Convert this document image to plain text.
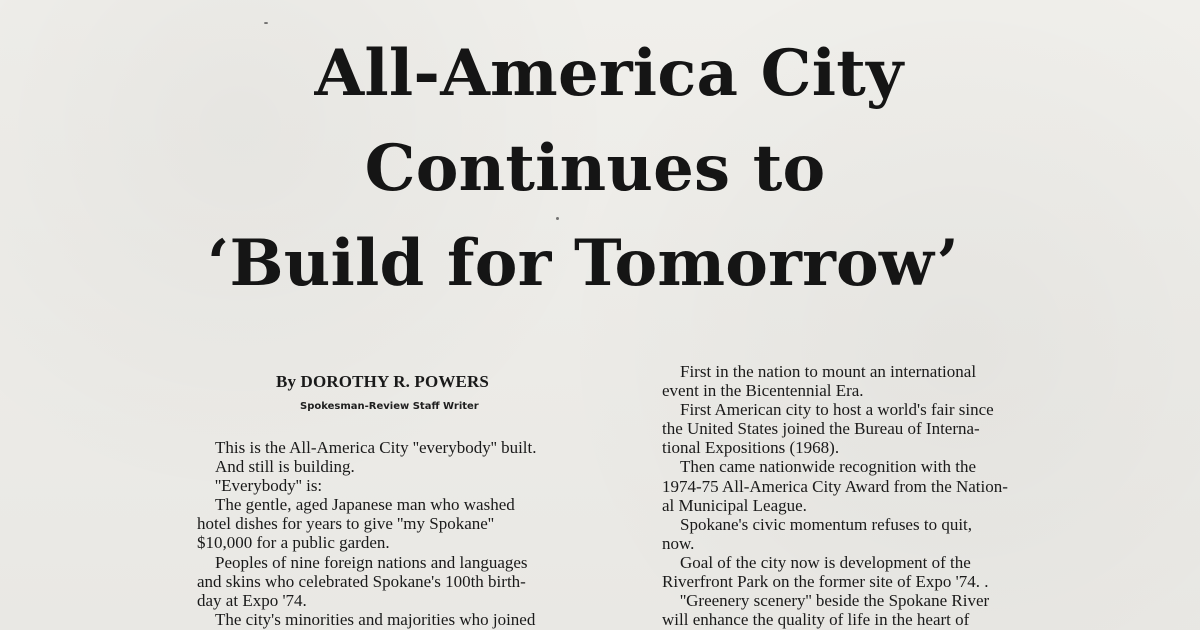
All-America City
Continues to
‘Build for Tomorrow’
By DOROTHY R. POWERS
Spokesman-Review Staff Writer
This is the All-America City ''everybody'' built.
And still is building.
''Everybody'' is:
The gentle, aged Japanese man who washed
hotel dishes for years to give ''my Spokane''
$10,000 for a public garden.
Peoples of nine foreign nations and languages
and skins who celebrated Spokane's 100th birth-
day at Expo '74.
The city's minorities and majorities who joined
First in the nation to mount an international
event in the Bicentennial Era.
First American city to host a world's fair since
the United States joined the Bureau of Interna-
tional Expositions (1968).
Then came nationwide recognition with the
1974-75 All-America City Award from the Nation-
al Municipal League.
Spokane's civic momentum refuses to quit,
now.
Goal of the city now is development of the
Riverfront Park on the former site of Expo '74. .
''Greenery scenery'' beside the Spokane River
will enhance the quality of life in the heart of
